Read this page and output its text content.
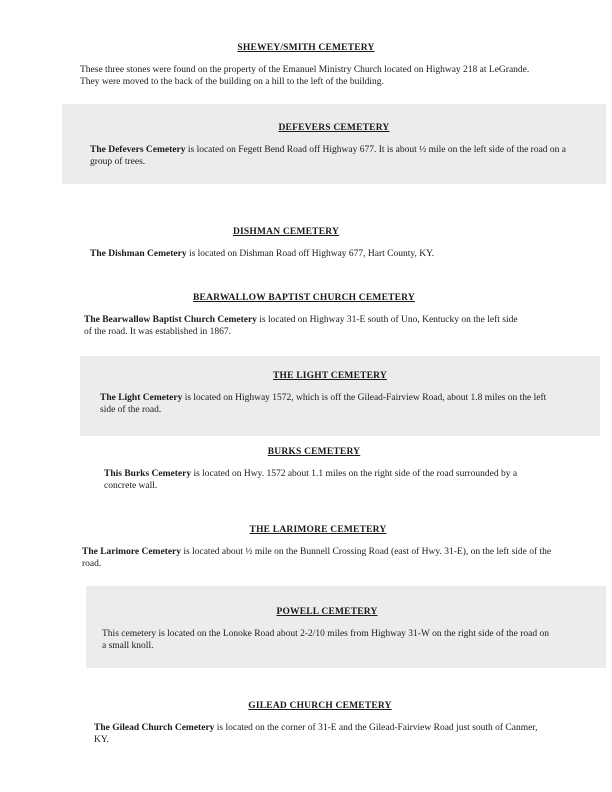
SHEWEY/SMITH CEMETERY

These three stones were found on the property of the Emanuel Ministry Church located on Highway 218 at LeGrande. They were moved to the back of the building on a hill to the left of the building.

DEFEVERS CEMETERY

The Defevers Cemetery is located on Fegett Bend Road off Highway 677. It is about ½ mile on the left side of the road on a group of trees.

DISHMAN CEMETERY

The Dishman Cemetery is located on Dishman Road off Highway 677, Hart County, KY.

BEARWALLOW BAPTIST CHURCH CEMETERY

The Bearwallow Baptist Church Cemetery is located on Highway 31-E south of Uno, Kentucky on the left side of the road. It was established in 1867.

THE LIGHT CEMETERY

The Light Cemetery is located on Highway 1572, which is off the Gilead-Fairview Road, about 1.8 miles on the left side of the road.

BURKS CEMETERY

This Burks Cemetery is located on Hwy. 1572 about 1.1 miles on the right side of the road surrounded by a concrete wall.

THE LARIMORE CEMETERY

The Larimore Cemetery is located about ½ mile on the Bunnell Crossing Road (east of Hwy. 31-E), on the left side of the road.

POWELL CEMETERY

This cemetery is located on the Lonoke Road about 2-2/10 miles from Highway 31-W on the right side of the road on a small knoll.

GILEAD CHURCH CEMETERY

The Gilead Church Cemetery is located on the corner of 31-E and the Gilead-Fairview Road just south of Canmer, KY.
